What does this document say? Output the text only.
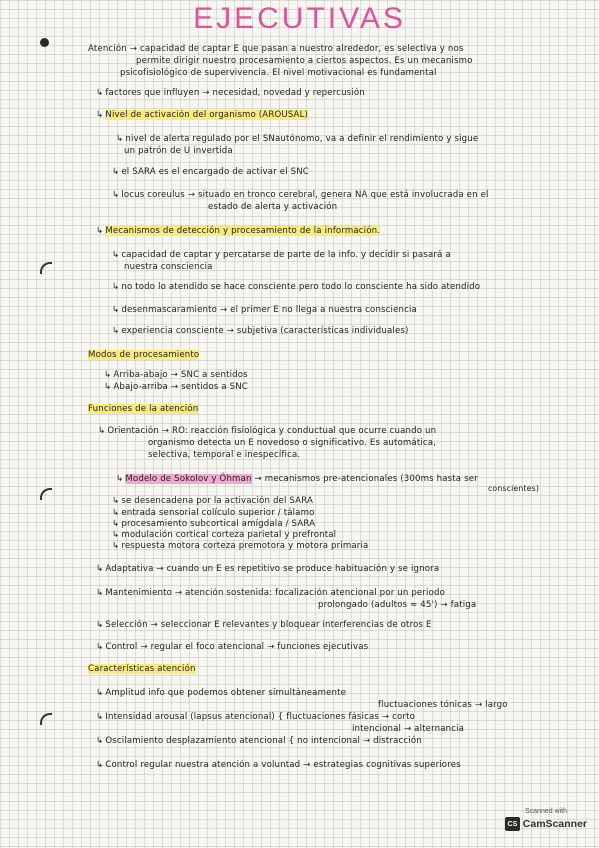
EJECUTIVAS
Atención → capacidad de captar E que pasan a nuestro alrededor, es selectiva y nos
permite dirigir nuestro procesamiento a ciertos aspectos. Es un mecanismo
psicofisiológico de supervivencia. El nivel motivacional es fundamental
↳ factores que influyen → necesidad, novedad y repercusión
↳ Nivel de activación del organismo (AROUSAL)
↳ nivel de alerta regulado por el SNautónomo, va a definir el rendimiento y sigue
un patrón de U invertida
↳ el SARA es el encargado de activar el SNC
↳ locus coreulus → situado en tronco cerebral, genera NA que está involucrada en el
estado de alerta y activación
↳ Mecanismos de detección y procesamiento de la información.
↳ capacidad de captar y percatarse de parte de la info. y decidir si pasará a
nuestra consciencia
↳ no todo lo atendido se hace consciente pero todo lo consciente ha sido atendido
↳ desenmascaramiento → el primer E no llega a nuestra consciencia
↳ experiencia consciente → subjetiva (características individuales)
Modos de procesamiento
↳ Arriba-abajo → SNC a sentidos
↳ Abajo-arriba → sentidos a SNC
Funciones de la atención
↳ Orientación → RO: reacción fisiológica y conductual que ocurre cuando un
organismo detecta un E novedoso o significativo. Es automática,
selectiva, temporal e inespecífica.
↳ Modelo de Sokolov y Öhman → mecanismos pre-atencionales (300ms hasta ser
conscientes)
↳ se desencadena por la activación del SARA
↳ entrada sensorial colículo superior / tálamo
↳ procesamiento subcortical amígdala / SARA
↳ modulación cortical corteza parietal y prefrontal
↳ respuesta motora corteza premotora y motora primaria
↳ Adaptativa → cuando un E es repetitivo se produce habituación y se ignora
↳ Mantenimiento → atención sostenida: focalización atencional por un periodo
prolongado (adultos ≈ 45') → fatiga
↳ Selección → seleccionar E relevantes y bloquear interferencias de otros E
↳ Control → regular el foco atencional → funciones ejecutivas
Características atención
↳ Amplitud info que podemos obtener simultáneamente
fluctuaciones tónicas → largo
↳ Intensidad arousal (lapsus atencional) { fluctuaciones fásicas → corto
intencional → alternancia
↳ Oscilamiento desplazamiento atencional { no intencional → distracción
↳ Control regular nuestra atención a voluntad → estrategias cognitivas superiores
Scanned with
CS CamScanner
